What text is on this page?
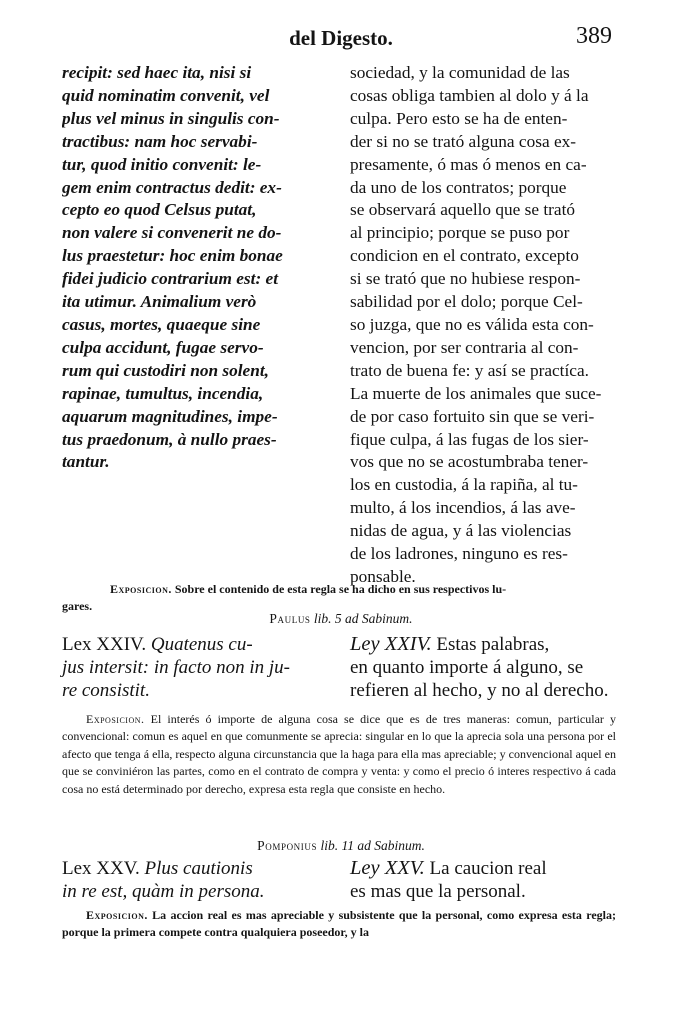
del Digesto.	389
recipit: sed haec ita, nisi si
quid nominatim convenit, vel
plus vel minus in singulis con-
tractibus: nam hoc servabi-
tur, quod initio convenit: le-
gem enim contractus dedit: ex-
cepto eo quod Celsus putat,
non valere si convenerit ne do-
lus praestetur: hoc enim bonae
fidei judicio contrarium est: et
ita utimur. Animalium verò
casus, mortes, quaeque sine
culpa accidunt, fugae servo-
rum qui custodiri non solent,
rapinae, tumultus, incendia,
aquarum magnitudines, impe-
tus praedonum, à nullo praes-
tantur.
sociedad, y la comunidad de las
cosas obliga tambien al dolo y á la
culpa. Pero esto se ha de enten-
der si no se trató alguna cosa ex-
presamente, ó mas ó menos en ca-
da uno de los contratos; porque
se observará aquello que se trató
al principio; porque se puso por
condicion en el contrato, excepto
si se trató que no hubiese respon-
sabilidad por el dolo; porque Cel-
so juzga, que no es válida esta con-
vencion, por ser contraria al con-
trato de buena fe: y así se practíca.
La muerte de los animales que suce-
de por caso fortuito sin que se veri-
fique culpa, á las fugas de los sier-
vos que no se acostumbraba tener-
los en custodia, á la rapiña, al tu-
multo, á los incendios, á las ave-
nidas de agua, y á las violencias
de los ladrones, ninguno es res-
ponsable.
Exposicion. Sobre el contenido de esta regla se ha dicho en sus respectivos lu-
gares.
Paulus lib. 5 ad Sabinum.
Lex XXIV. Quatenus cu-
jus intersit: in facto non in ju-
re consistit.
Ley XXIV. Estas palabras,
en quanto importe á alguno, se
refieren al hecho, y no al derecho.
Exposicion. El interés ó importe de alguna cosa se dice que es de tres maneras: comun, particular y convencional: comun es aquel en que comunmente se aprecia: singular en lo que la aprecia sola una persona por el afecto que tenga á ella, respecto alguna circunstancia que la haga para ella mas apreciable; y convencional aquel en que se conviniéron las partes, como en el contrato de compra y venta: y como el precio ó interes respectivo á cada cosa no está determinado por derecho, expresa esta regla que consiste en hecho.
Pomponius lib. 11 ad Sabinum.
Lex XXV. Plus cautionis
in re est, quàm in persona.
Ley XXV. La caucion real
es mas que la personal.
Exposicion. La accion real es mas apreciable y subsistente que la personal, como expresa esta regla; porque la primera compete contra qualquiera poseedor, y la
